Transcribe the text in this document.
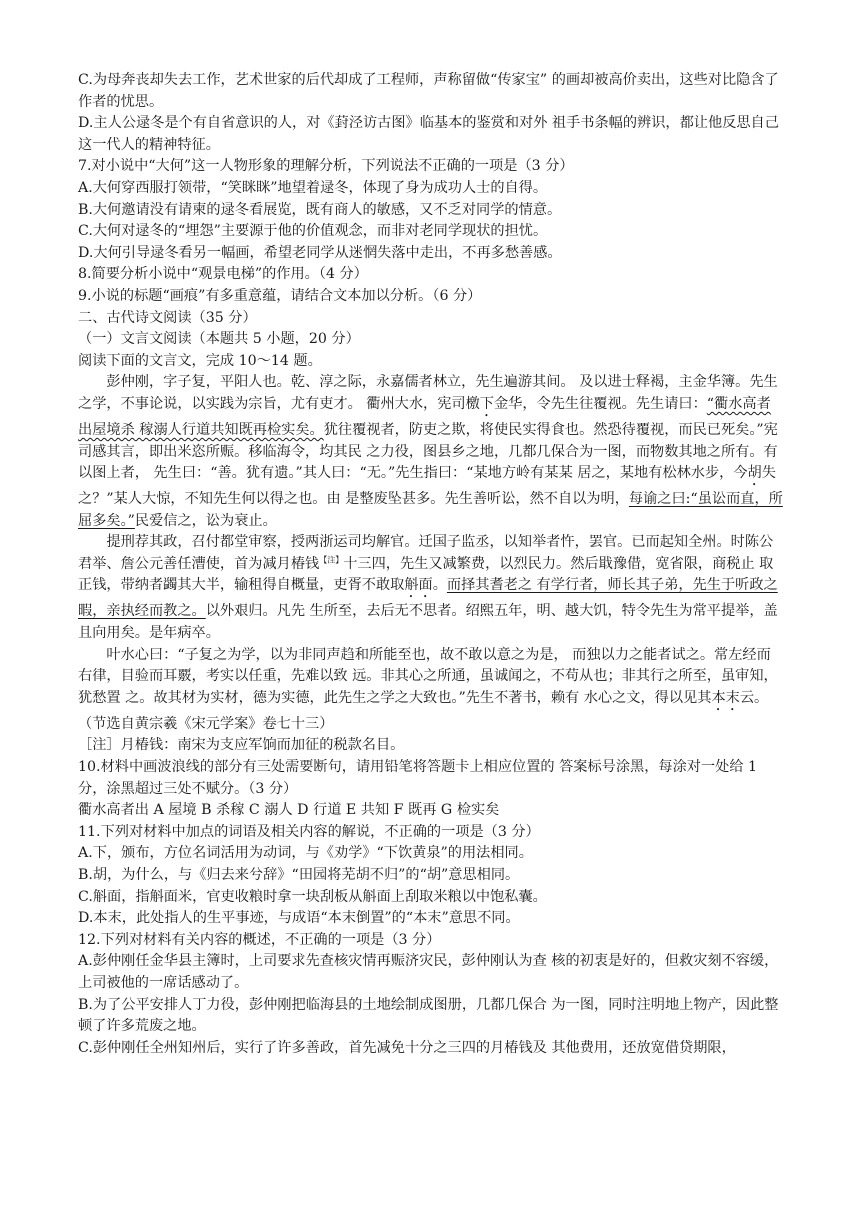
C.为母奔丧却失去工作，艺术世家的后代却成了工程师，声称留做“传家宝” 的画却被高价卖出，这些对比隐含了作者的忧思。

D.主人公逯冬是个有自省意识的人，对《葑泾访古图》临基本的鉴赏和对外 祖手书条幅的辨识，都让他反思自己这一代人的精神特征。

7.对小说中“大何”这一人物形象的理解分析，下列说法不正确的一项是（3 分）

A.大何穿西服打领带，“笑眯眯”地望着逯冬，体现了身为成功人士的自得。

B.大何邀请没有请柬的逯冬看展览，既有商人的敏感，又不乏对同学的情意。

C.大何对逯冬的“埋怨”主要源于他的价值观念，而非对老同学现状的担忧。

D.大何引导逯冬看另一幅画，希望老同学从迷惘失落中走出，不再多愁善感。

8.简要分析小说中“观景电梯”的作用。（4 分）

9.小说的标题“画痕”有多重意蕴，请结合文本加以分析。（6 分）

二、古代诗文阅读（35 分）

（一）文言文阅读（本题共 5 小题，20 分）

阅读下面的文言文，完成 10～14 题。

彭仲刚，字子复，平阳人也。乾、淳之际，永嘉儒者林立，先生遍游其间。 及以进士释褐，主金华簿。先生之学，不事论说，以实践为宗旨，尤有吏才。 衢州大水，宪司檄下金华，令先生往覆视。先生请曰：“衢水高者出屋境杀 稼溺人行道共知既再检实矣。犹往覆视者，防吏之欺，将使民实得食也。然恐待覆视，而民已死矣。”宪司感其言，即出米恣所赈。移临海令，均其民 之力役，图县乡之地，几都几保合为一图，而物数其地之所有。有以图上者， 先生曰：“善。犹有遗。”其人曰：“无。”先生指曰：“某地方岭有某某 居之，某地有松林水步，今胡失之？”某人大惊，不知先生何以得之也。由 是整废坠甚多。先生善听讼，然不自以为明，每谕之曰:“虽讼而直，所屈多矣。”民爱信之，讼为衰止。

提刑荐其政，召付都堂审察，授两浙运司均解官。迁国子监丞，以知举者忤，罢官。已而起知全州。时陈公君举、詹公元善任漕使，首为减月椿钱$^{【注】}$十三四，先生又减繁费，以烈民力。然后戢豫借，宽省限，商税止 取正钱，带纳者蠲其大半，输租得自概量，吏胥不敢取斛面。而择其耆老之 有学行者，师长其子弟，先生于听政之暇，亲执经而教之。以外艰归。凡先 生所至，去后无不思者。绍熙五年，明、越大饥，特令先生为常平提举，盖 且向用矣。是年病卒。

叶水心曰：“子复之为学，以为非同声趋和所能至也，故不敢以意之为是， 而独以力之能者试之。常左经而右律，目验而耳覈，考实以任重，先难以致 远。非其心之所通，虽诚闻之，不苟从也；非其行之所至，虽审知，犹愁置 之。故其材为实材，德为实德，此先生之学之大致也。”先生不著书，赖有 水心之文，得以见其本末云。

（节选自黄宗羲《宋元学案》卷七十三）

［注］月椿钱：南宋为支应军饷而加征的税款名目。

10.材料中画波浪线的部分有三处需要断句，请用铅笔将答题卡上相应位置的 答案标号涂黑，每涂对一处给 1 分，涂黑超过三处不赋分。（3 分）

衢水高者出 A 屋境 B 杀稼 C 溺人 D 行道 E 共知 F 既再 G 检实矣

11.下列对材料中加点的词语及相关内容的解说，不正确的一项是（3 分）

A.下，颁布，方位名词活用为动词，与《劝学》“下饮黄泉”的用法相同。

B.胡，为什么，与《归去来兮辞》“田园将芜胡不归”的“胡”意思相同。

C.斛面，指斛面米，官吏收粮时拿一块刮板从斛面上刮取米粮以中饱私囊。

D.本末，此处指人的生平事迹，与成语“本末倒置”的“本末”意思不同。

12.下列对材料有关内容的概述，不正确的一项是（3 分）

A.彭仲刚任金华县主簿时，上司要求先查核灾情再赈济灾民，彭仲刚认为查 核的初衷是好的，但救灾刻不容缓，上司被他的一席话感动了。

B.为了公平安排人丁力役，彭仲刚把临海县的土地绘制成图册，几都几保合 为一图，同时注明地上物产，因此整顿了许多荒废之地。

C.彭仲刚任全州知州后，实行了许多善政，首先减免十分之三四的月椿钱及 其他费用，还放宽借贷期限，
